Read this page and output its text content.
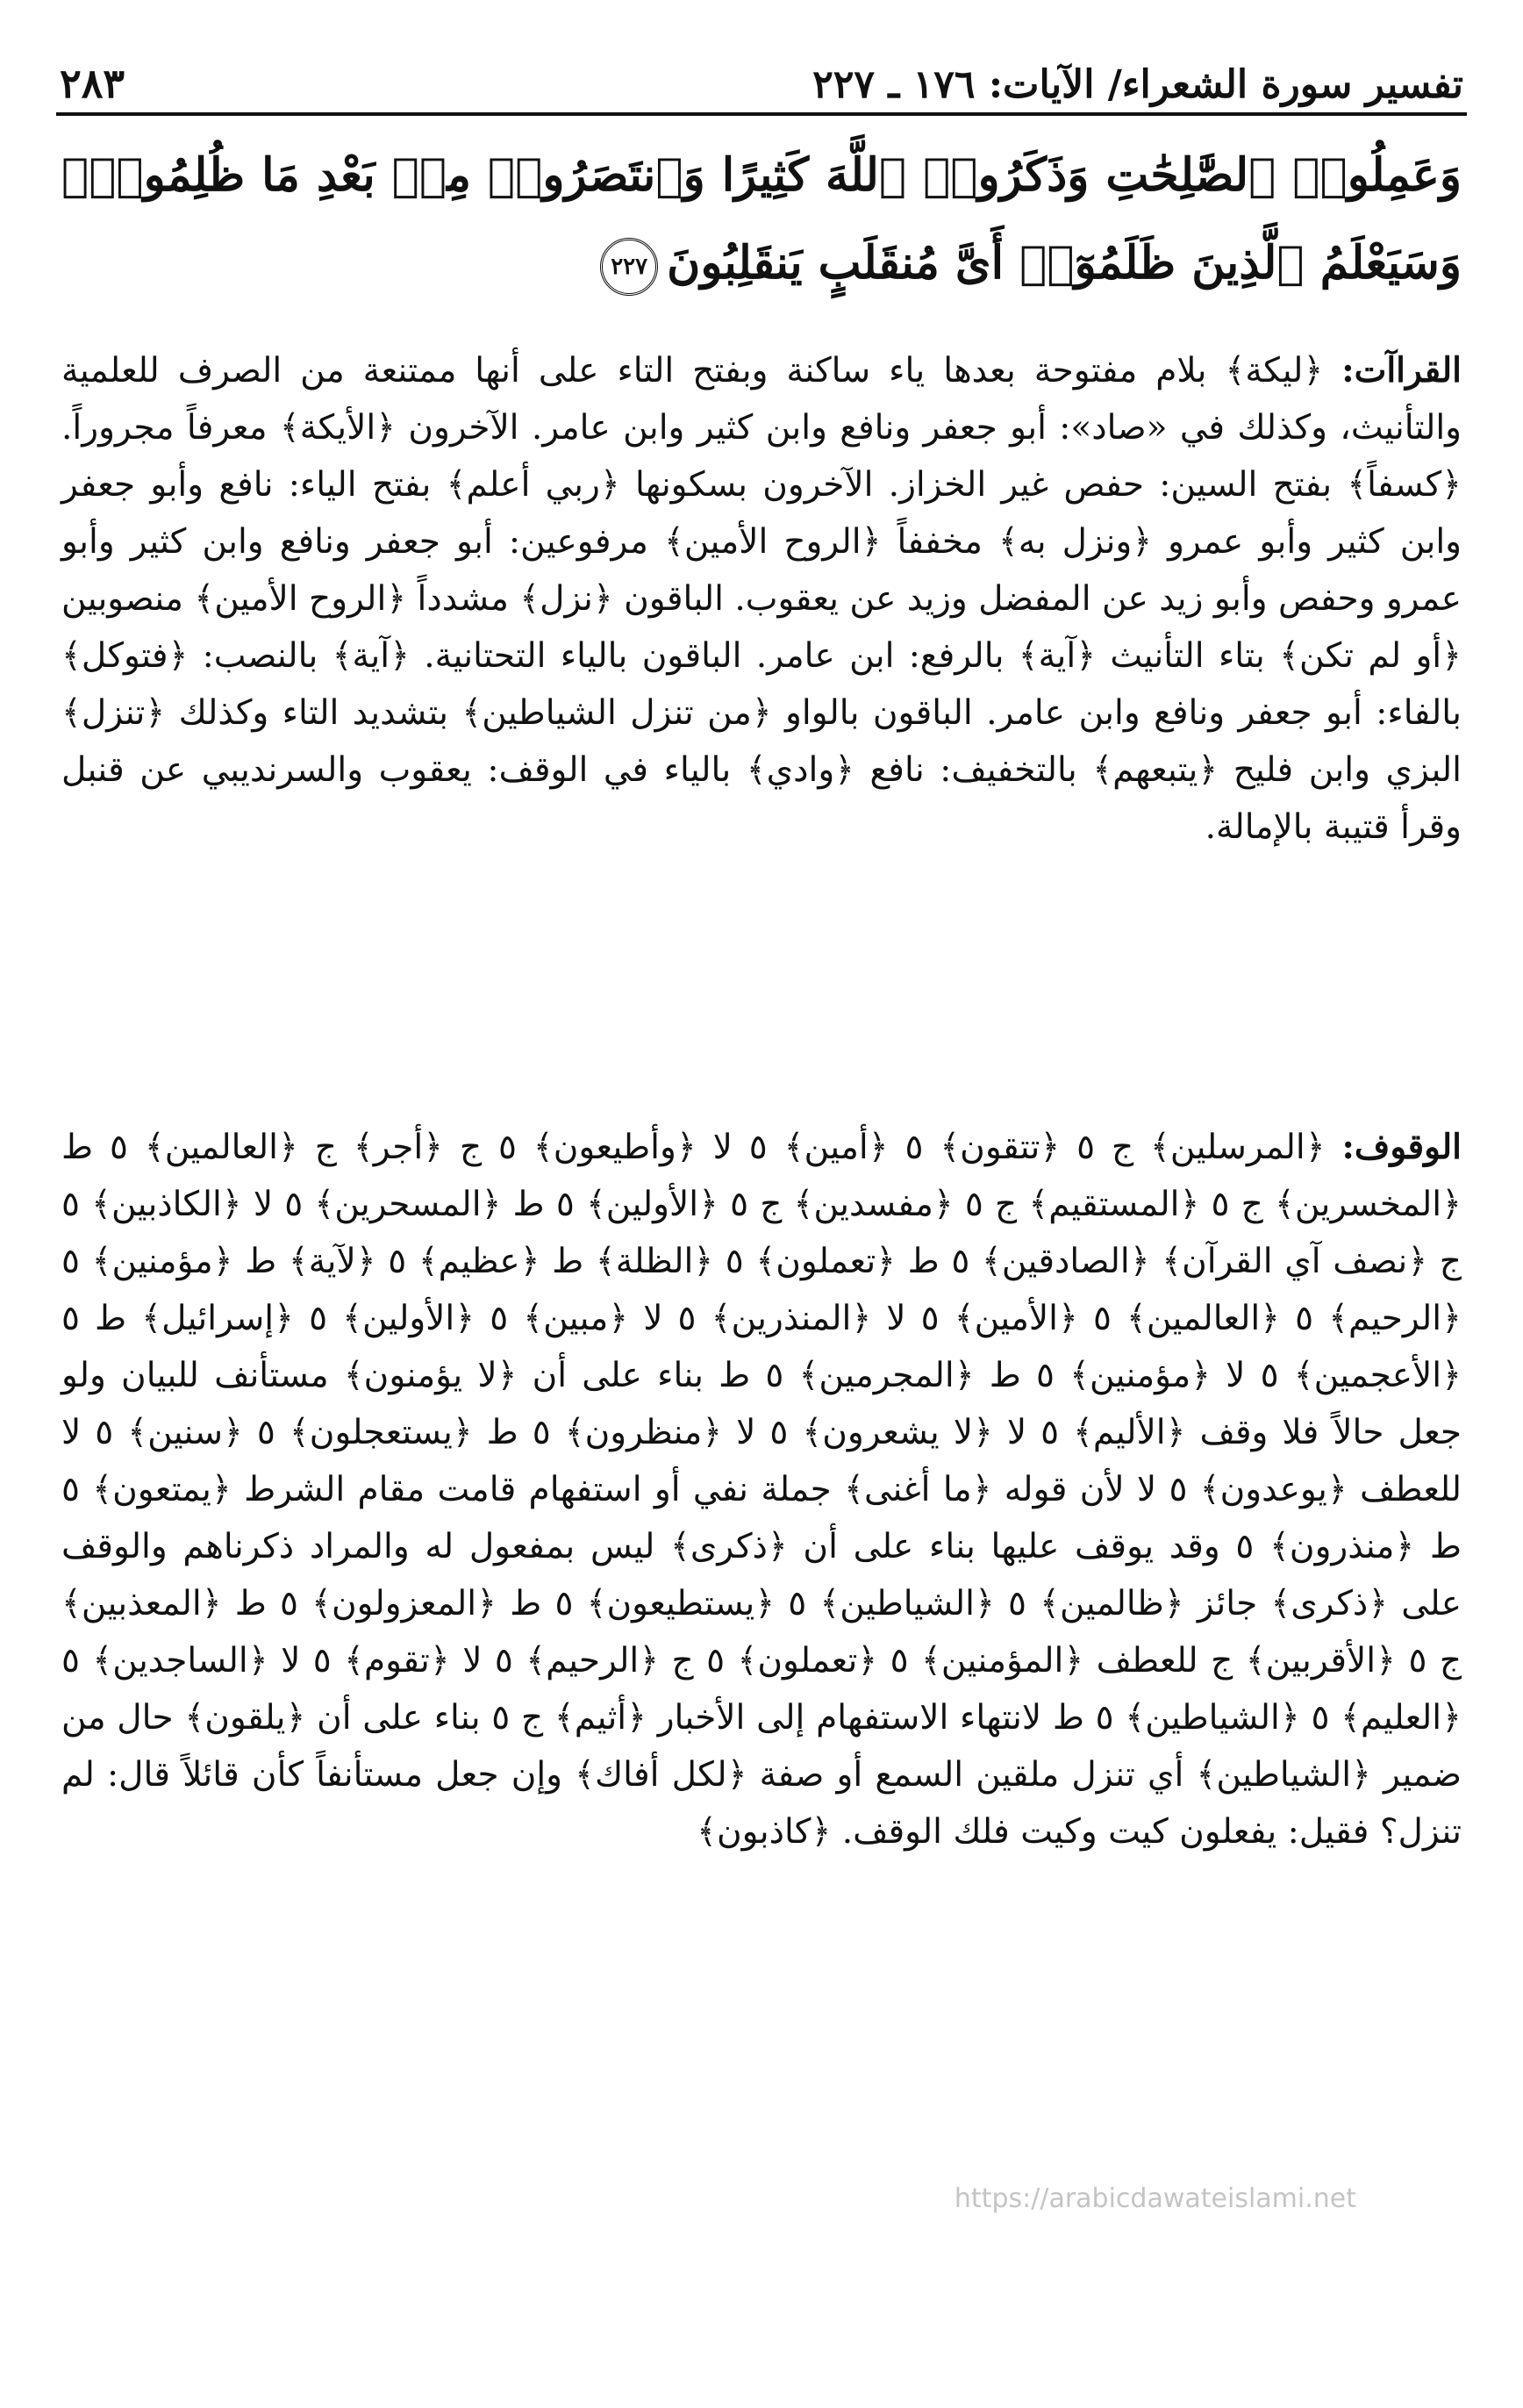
٢٨٣	تفسير سورة الشعراء/ الآيات: ١٧٦ ـ ٢٢٧
وَعَمِلُوا۟ ٱلصَّٰلِحَٰتِ وَذَكَرُوا۟ ٱللَّهَ كَثِيرًا وَٱنتَصَرُوا۟ مِنۢ بَعْدِ مَا ظُلِمُوا۟ۗ وَسَيَعْلَمُ ٱلَّذِينَ ظَلَمُوٓا۟ أَىَّ مُنقَلَبٍ يَنقَلِبُونَ٢٢٧
القراآت: ﴿ليكة﴾ بلام مفتوحة بعدها ياء ساكنة وبفتح التاء على أنها ممتنعة من الصرف للعلمية والتأنيث، وكذلك في «صاد»: أبو جعفر ونافع وابن كثير وابن عامر. الآخرون ﴿الأيكة﴾ معرفاً مجروراً. ﴿كسفاً﴾ بفتح السين: حفص غير الخزاز. الآخرون بسكونها ﴿ربي أعلم﴾ بفتح الياء: نافع وأبو جعفر وابن كثير وأبو عمرو ﴿ونزل به﴾ مخففاً ﴿الروح الأمين﴾ مرفوعين: أبو جعفر ونافع وابن كثير وأبو عمرو وحفص وأبو زيد عن المفضل وزيد عن يعقوب. الباقون ﴿نزل﴾ مشدداً ﴿الروح الأمين﴾ منصوبين ﴿أو لم تكن﴾ بتاء التأنيث ﴿آية﴾ بالرفع: ابن عامر. الباقون بالياء التحتانية. ﴿آية﴾ بالنصب: ﴿فتوكل﴾ بالفاء: أبو جعفر ونافع وابن عامر. الباقون بالواو ﴿من تنزل الشياطين﴾ بتشديد التاء وكذلك ﴿تنزل﴾ البزي وابن فليح ﴿يتبعهم﴾ بالتخفيف: نافع ﴿وادي﴾ بالياء في الوقف: يعقوب والسرنديبي عن قنبل وقرأ قتيبة بالإمالة.
الوقوف: ﴿المرسلين﴾ ج ٥ ﴿تتقون﴾ ٥ ﴿أمين﴾ ٥ لا ﴿وأطيعون﴾ ٥ ج ﴿أجر﴾ ج ﴿العالمين﴾ ٥ ط ﴿المخسرين﴾ ج ٥ ﴿المستقيم﴾ ج ٥ ﴿مفسدين﴾ ج ٥ ﴿الأولين﴾ ٥ ط ﴿المسحرين﴾ ٥ لا ﴿الكاذبين﴾ ٥ ج ﴿نصف آي القرآن﴾ ﴿الصادقين﴾ ٥ ط ﴿تعملون﴾ ٥ ﴿الظلة﴾ ط ﴿عظيم﴾ ٥ ﴿لآية﴾ ط ﴿مؤمنين﴾ ٥ ﴿الرحيم﴾ ٥ ﴿العالمين﴾ ٥ ﴿الأمين﴾ ٥ لا ﴿المنذرين﴾ ٥ لا ﴿مبين﴾ ٥ ﴿الأولين﴾ ٥ ﴿إسرائيل﴾ ط ٥ ﴿الأعجمين﴾ ٥ لا ﴿مؤمنين﴾ ٥ ط ﴿المجرمين﴾ ٥ ط بناء على أن ﴿لا يؤمنون﴾ مستأنف للبيان ولو جعل حالاً فلا وقف ﴿الأليم﴾ ٥ لا ﴿لا يشعرون﴾ ٥ لا ﴿منظرون﴾ ٥ ط ﴿يستعجلون﴾ ٥ ﴿سنين﴾ ٥ لا للعطف ﴿يوعدون﴾ ٥ لا لأن قوله ﴿ما أغنى﴾ جملة نفي أو استفهام قامت مقام الشرط ﴿يمتعون﴾ ٥ ط ﴿منذرون﴾ ٥ وقد يوقف عليها بناء على أن ﴿ذكرى﴾ ليس بمفعول له والمراد ذكرناهم والوقف على ﴿ذكرى﴾ جائز ﴿ظالمين﴾ ٥ ﴿الشياطين﴾ ٥ ﴿يستطيعون﴾ ٥ ط ﴿المعزولون﴾ ٥ ط ﴿المعذبين﴾ ج ٥ ﴿الأقربين﴾ ج للعطف ﴿المؤمنين﴾ ٥ ﴿تعملون﴾ ٥ ج ﴿الرحيم﴾ ٥ لا ﴿تقوم﴾ ٥ لا ﴿الساجدين﴾ ٥ ﴿العليم﴾ ٥ ﴿الشياطين﴾ ٥ ط لانتهاء الاستفهام إلى الأخبار ﴿أثيم﴾ ج ٥ بناء على أن ﴿يلقون﴾ حال من ضمير ﴿الشياطين﴾ أي تنزل ملقين السمع أو صفة ﴿لكل أفاك﴾ وإن جعل مستأنفاً كأن قائلاً قال: لم تنزل؟ فقيل: يفعلون كيت وكيت فلك الوقف. ﴿كاذبون﴾
https://arabicdawateislami.net
